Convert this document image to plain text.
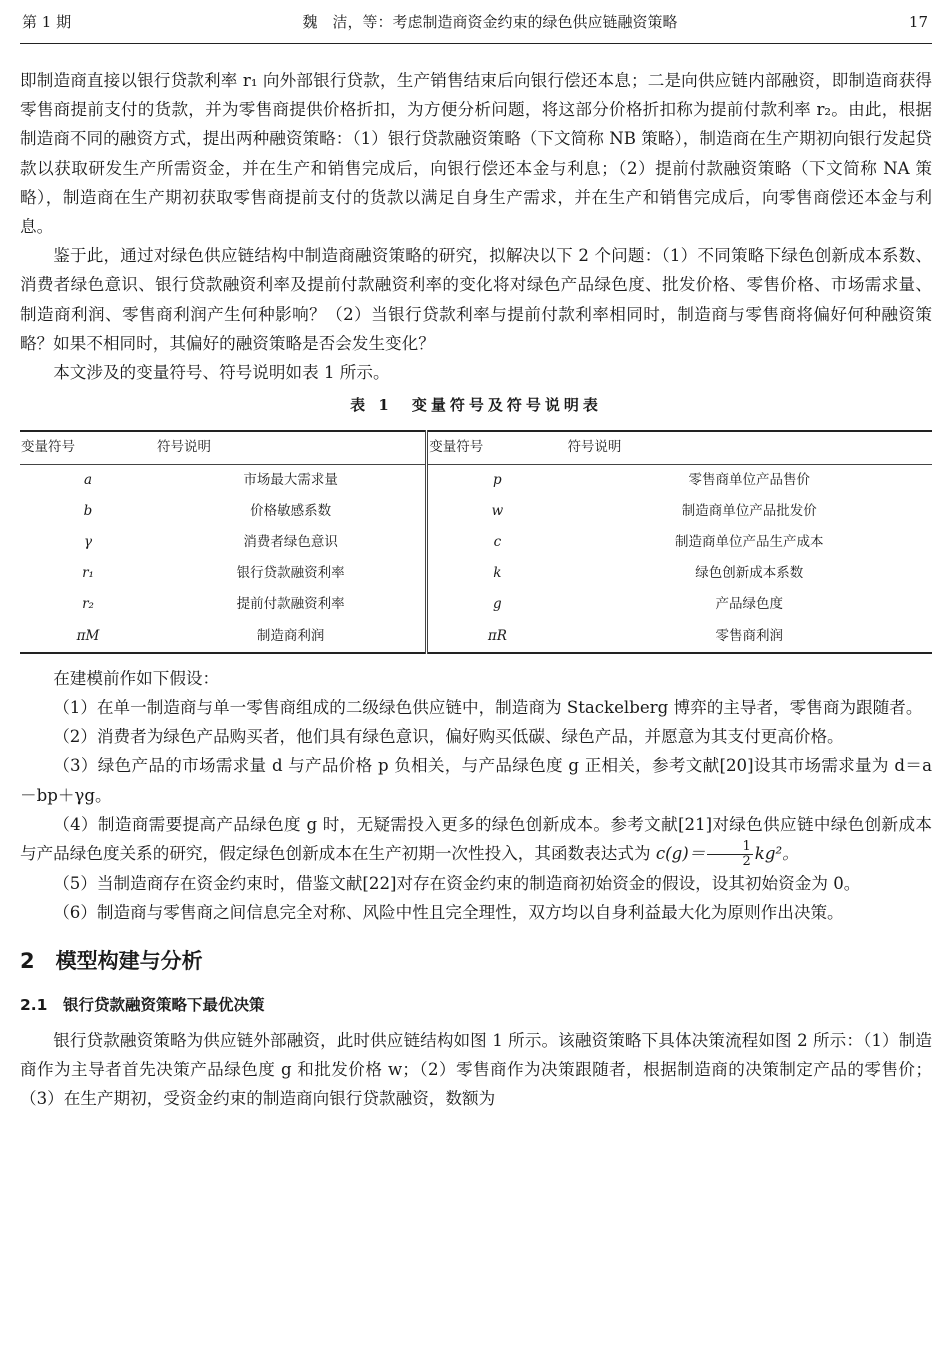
第 1 期	魏　洁，等：考虑制造商资金约束的绿色供应链融资策略	17

即制造商直接以银行贷款利率 r₁ 向外部银行贷款，生产销售结束后向银行偿还本息；二是向供应链内部融资，即制造商获得零售商提前支付的货款，并为零售商提供价格折扣，为方便分析问题，将这部分价格折扣称为提前付款利率 r₂。由此，根据制造商不同的融资方式，提出两种融资策略：（1）银行贷款融资策略（下文简称 NB 策略），制造商在生产期初向银行发起贷款以获取研发生产所需资金，并在生产和销售完成后，向银行偿还本金与利息；（2）提前付款融资策略（下文简称 NA 策略），制造商在生产期初获取零售商提前支付的货款以满足自身生产需求，并在生产和销售完成后，向零售商偿还本金与利息。

鉴于此，通过对绿色供应链结构中制造商融资策略的研究，拟解决以下 2 个问题：（1）不同策略下绿色创新成本系数、消费者绿色意识、银行贷款融资利率及提前付款融资利率的变化将对绿色产品绿色度、批发价格、零售价格、市场需求量、制造商利润、零售商利润产生何种影响？（2）当银行贷款利率与提前付款利率相同时，制造商与零售商将偏好何种融资策略？如果不相同时，其偏好的融资策略是否会发生变化？

本文涉及的变量符号、符号说明如表 1 所示。

表 1　变量符号及符号说明表
变量符号	符号说明	变量符号	符号说明
a	市场最大需求量	p	零售商单位产品售价
b	价格敏感系数	w	制造商单位产品批发价
γ	消费者绿色意识	c	制造商单位产品生产成本
r₁	银行贷款融资利率	k	绿色创新成本系数
r₂	提前付款融资利率	g	产品绿色度
πM	制造商利润	πR	零售商利润

在建模前作如下假设：

（1）在单一制造商与单一零售商组成的二级绿色供应链中，制造商为 Stackelberg 博弈的主导者，零售商为跟随者。

（2）消费者为绿色产品购买者，他们具有绿色意识，偏好购买低碳、绿色产品，并愿意为其支付更高价格。

（3）绿色产品的市场需求量 d 与产品价格 p 负相关，与产品绿色度 g 正相关，参考文献[20]设其市场需求量为 d＝a－bp＋γg。

（4）制造商需要提高产品绿色度 g 时，无疑需投入更多的绿色创新成本。参考文献[21]对绿色供应链中绿色创新成本与产品绿色度关系的研究，假定绿色创新成本在生产初期一次性投入，其函数表达式为 $c(g)= \frac{1}{2} kg^2$。

（5）当制造商存在资金约束时，借鉴文献[22]对存在资金约束的制造商初始资金的假设，设其初始资金为 0。

（6）制造商与零售商之间信息完全对称、风险中性且完全理性，双方均以自身利益最大化为原则作出决策。

2　模型构建与分析
2.1　银行贷款融资策略下最优决策

银行贷款融资策略为供应链外部融资，此时供应链结构如图 1 所示。该融资策略下具体决策流程如图 2 所示：（1）制造商作为主导者首先决策产品绿色度 g 和批发价格 w；（2）零售商作为决策跟随者，根据制造商的决策制定产品的零售价；（3）在生产期初，受资金约束的制造商向银行贷款融资，数额为
